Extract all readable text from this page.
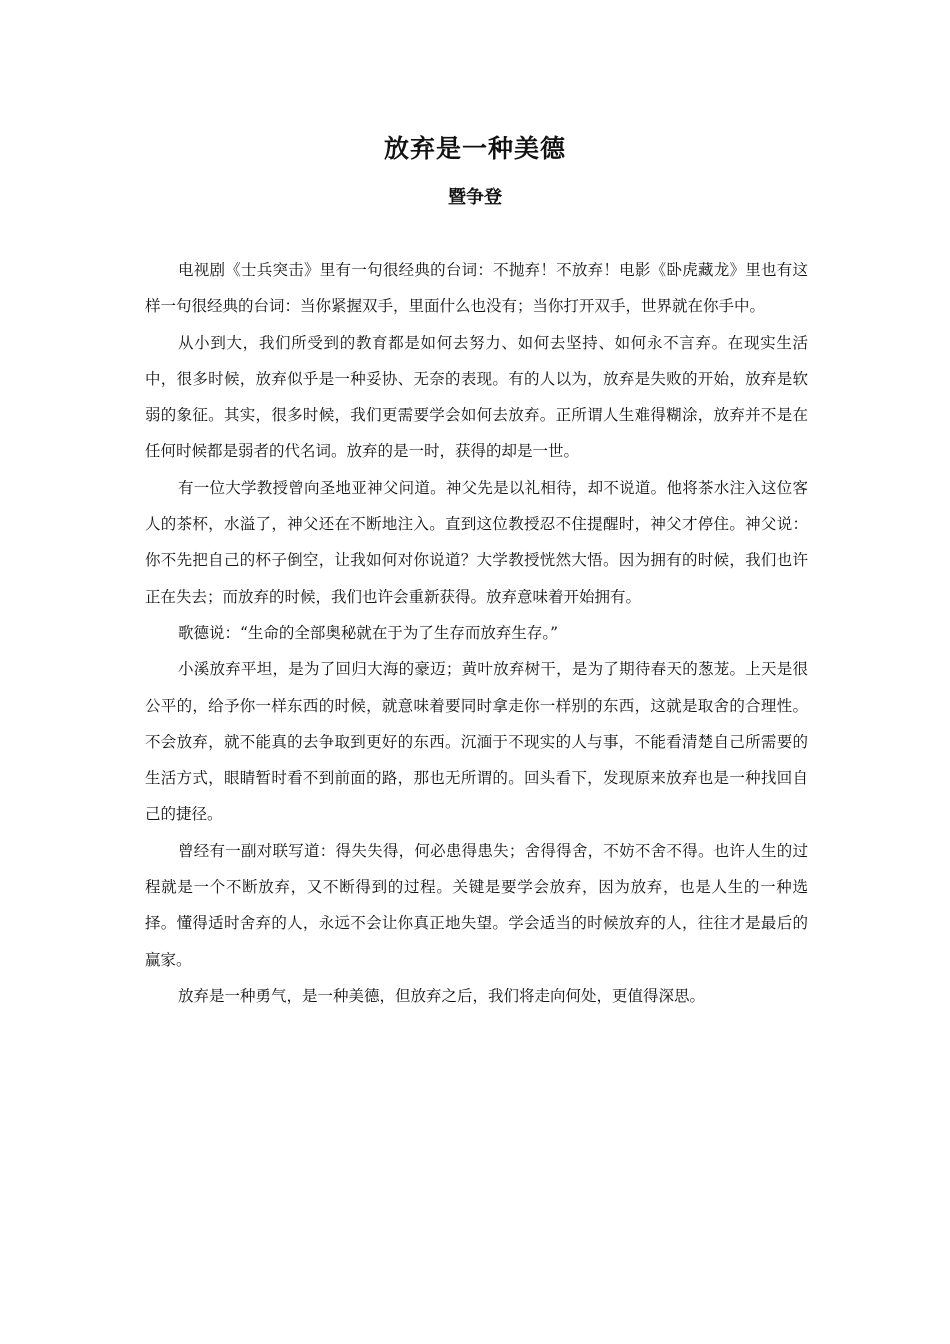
放弃是一种美德
暨争登

电视剧《士兵突击》里有一句很经典的台词：不抛弃！不放弃！电影《卧虎藏龙》里也有这样一句很经典的台词：当你紧握双手，里面什么也没有；当你打开双手，世界就在你手中。

从小到大，我们所受到的教育都是如何去努力、如何去坚持、如何永不言弃。在现实生活中，很多时候，放弃似乎是一种妥协、无奈的表现。有的人以为，放弃是失败的开始，放弃是软弱的象征。其实，很多时候，我们更需要学会如何去放弃。正所谓人生难得糊涂，放弃并不是在任何时候都是弱者的代名词。放弃的是一时，获得的却是一世。

有一位大学教授曾向圣地亚神父问道。神父先是以礼相待，却不说道。他将茶水注入这位客人的茶杯，水溢了，神父还在不断地注入。直到这位教授忍不住提醒时，神父才停住。神父说：你不先把自己的杯子倒空，让我如何对你说道？大学教授恍然大悟。因为拥有的时候，我们也许正在失去；而放弃的时候，我们也许会重新获得。放弃意味着开始拥有。

歌德说：“生命的全部奥秘就在于为了生存而放弃生存。”

小溪放弃平坦，是为了回归大海的豪迈；黄叶放弃树干，是为了期待春天的葱茏。上天是很公平的，给予你一样东西的时候，就意味着要同时拿走你一样别的东西，这就是取舍的合理性。不会放弃，就不能真的去争取到更好的东西。沉湎于不现实的人与事，不能看清楚自己所需要的生活方式，眼睛暂时看不到前面的路，那也无所谓的。回头看下，发现原来放弃也是一种找回自己的捷径。

曾经有一副对联写道：得失失得，何必患得患失；舍得得舍，不妨不舍不得。也许人生的过程就是一个不断放弃，又不断得到的过程。关键是要学会放弃，因为放弃，也是人生的一种选择。懂得适时舍弃的人，永远不会让你真正地失望。学会适当的时候放弃的人，往往才是最后的赢家。

放弃是一种勇气，是一种美德，但放弃之后，我们将走向何处，更值得深思。
